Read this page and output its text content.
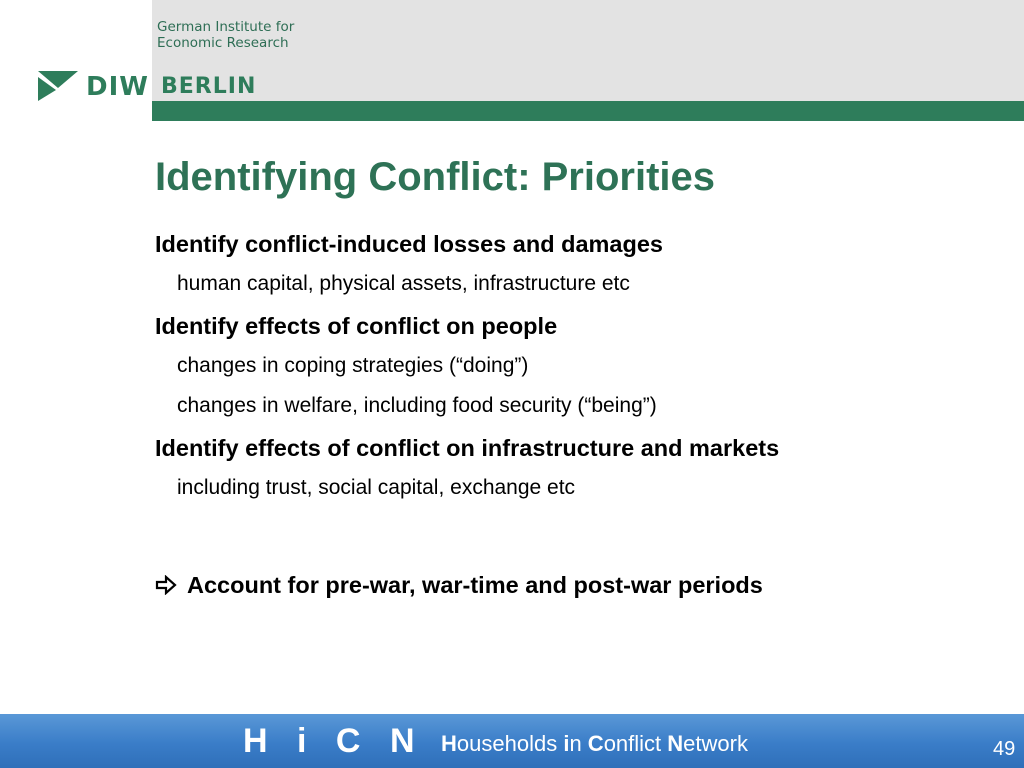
German Institute for
Economic Research
DIW BERLIN
Identifying Conflict: Priorities

Identify conflict-induced losses and damages

human capital, physical assets, infrastructure etc

Identify effects of conflict on people

changes in coping strategies (“doing”)

changes in welfare, including food security (“being”)

Identify effects of conflict on infrastructure and markets

including trust, social capital, exchange etc

Account for pre-war, war-time and post-war periods
H i C N Households in Conflict Network	49
